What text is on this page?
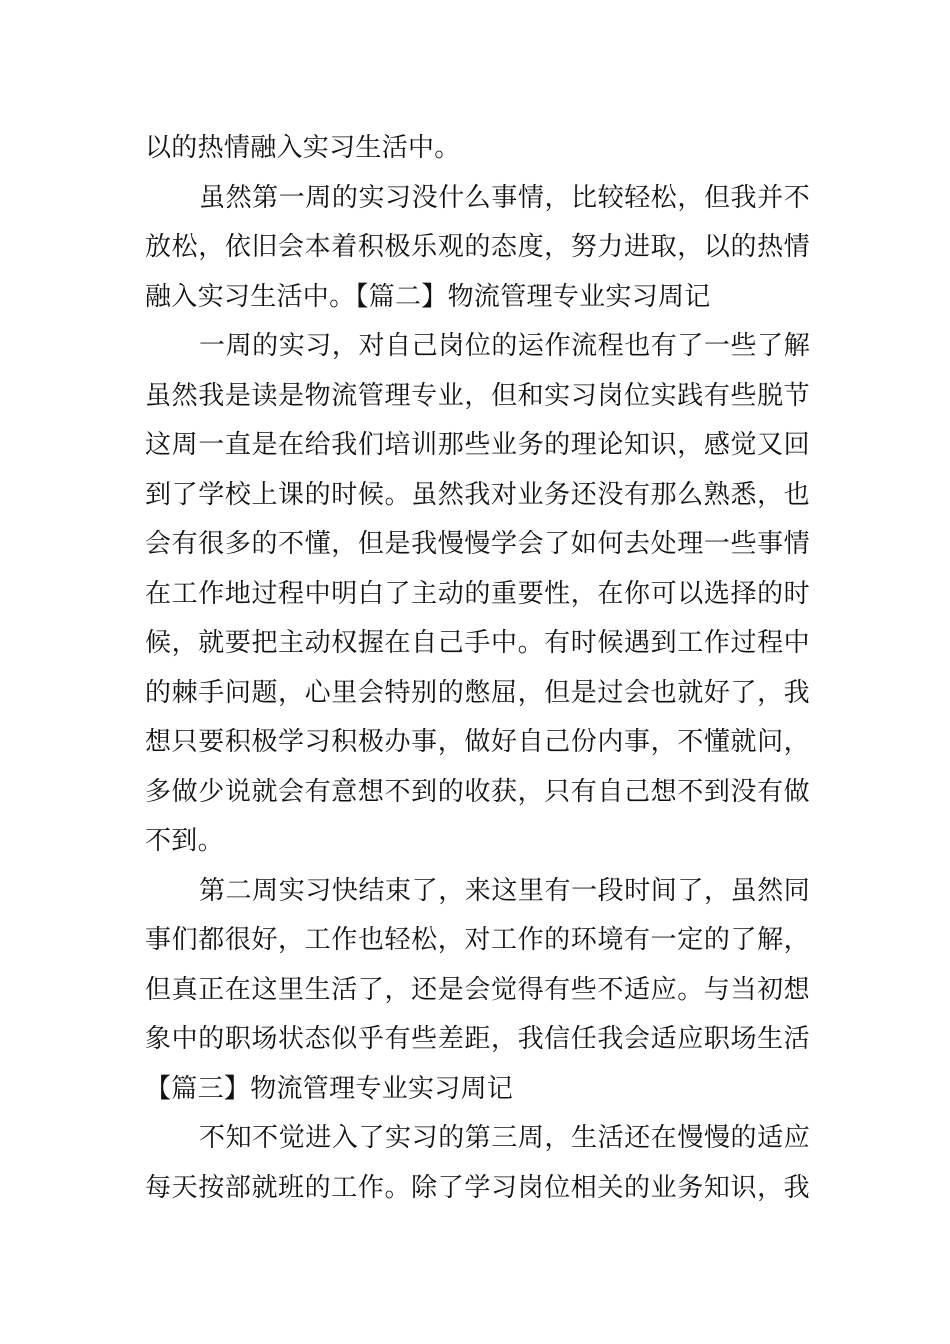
以的热情融入实习生活中。
虽然第一周的实习没什么事情，比较轻松，但我并不
放松，依旧会本着积极乐观的态度，努力进取，以的热情
融入实习生活中。【篇二】物流管理专业实习周记
一周的实习，对自己岗位的运作流程也有了一些了解
虽然我是读是物流管理专业，但和实习岗位实践有些脱节
这周一直是在给我们培训那些业务的理论知识，感觉又回
到了学校上课的时候。虽然我对业务还没有那么熟悉，也
会有很多的不懂，但是我慢慢学会了如何去处理一些事情
在工作地过程中明白了主动的重要性，在你可以选择的时
候，就要把主动权握在自己手中。有时候遇到工作过程中
的棘手问题，心里会特别的憋屈，但是过会也就好了，我
想只要积极学习积极办事，做好自己份内事，不懂就问，
多做少说就会有意想不到的收获，只有自己想不到没有做
不到。
第二周实习快结束了，来这里有一段时间了，虽然同
事们都很好，工作也轻松，对工作的环境有一定的了解，
但真正在这里生活了，还是会觉得有些不适应。与当初想
象中的职场状态似乎有些差距，我信任我会适应职场生活
【篇三】物流管理专业实习周记
不知不觉进入了实习的第三周，生活还在慢慢的适应
每天按部就班的工作。除了学习岗位相关的业务知识，我
